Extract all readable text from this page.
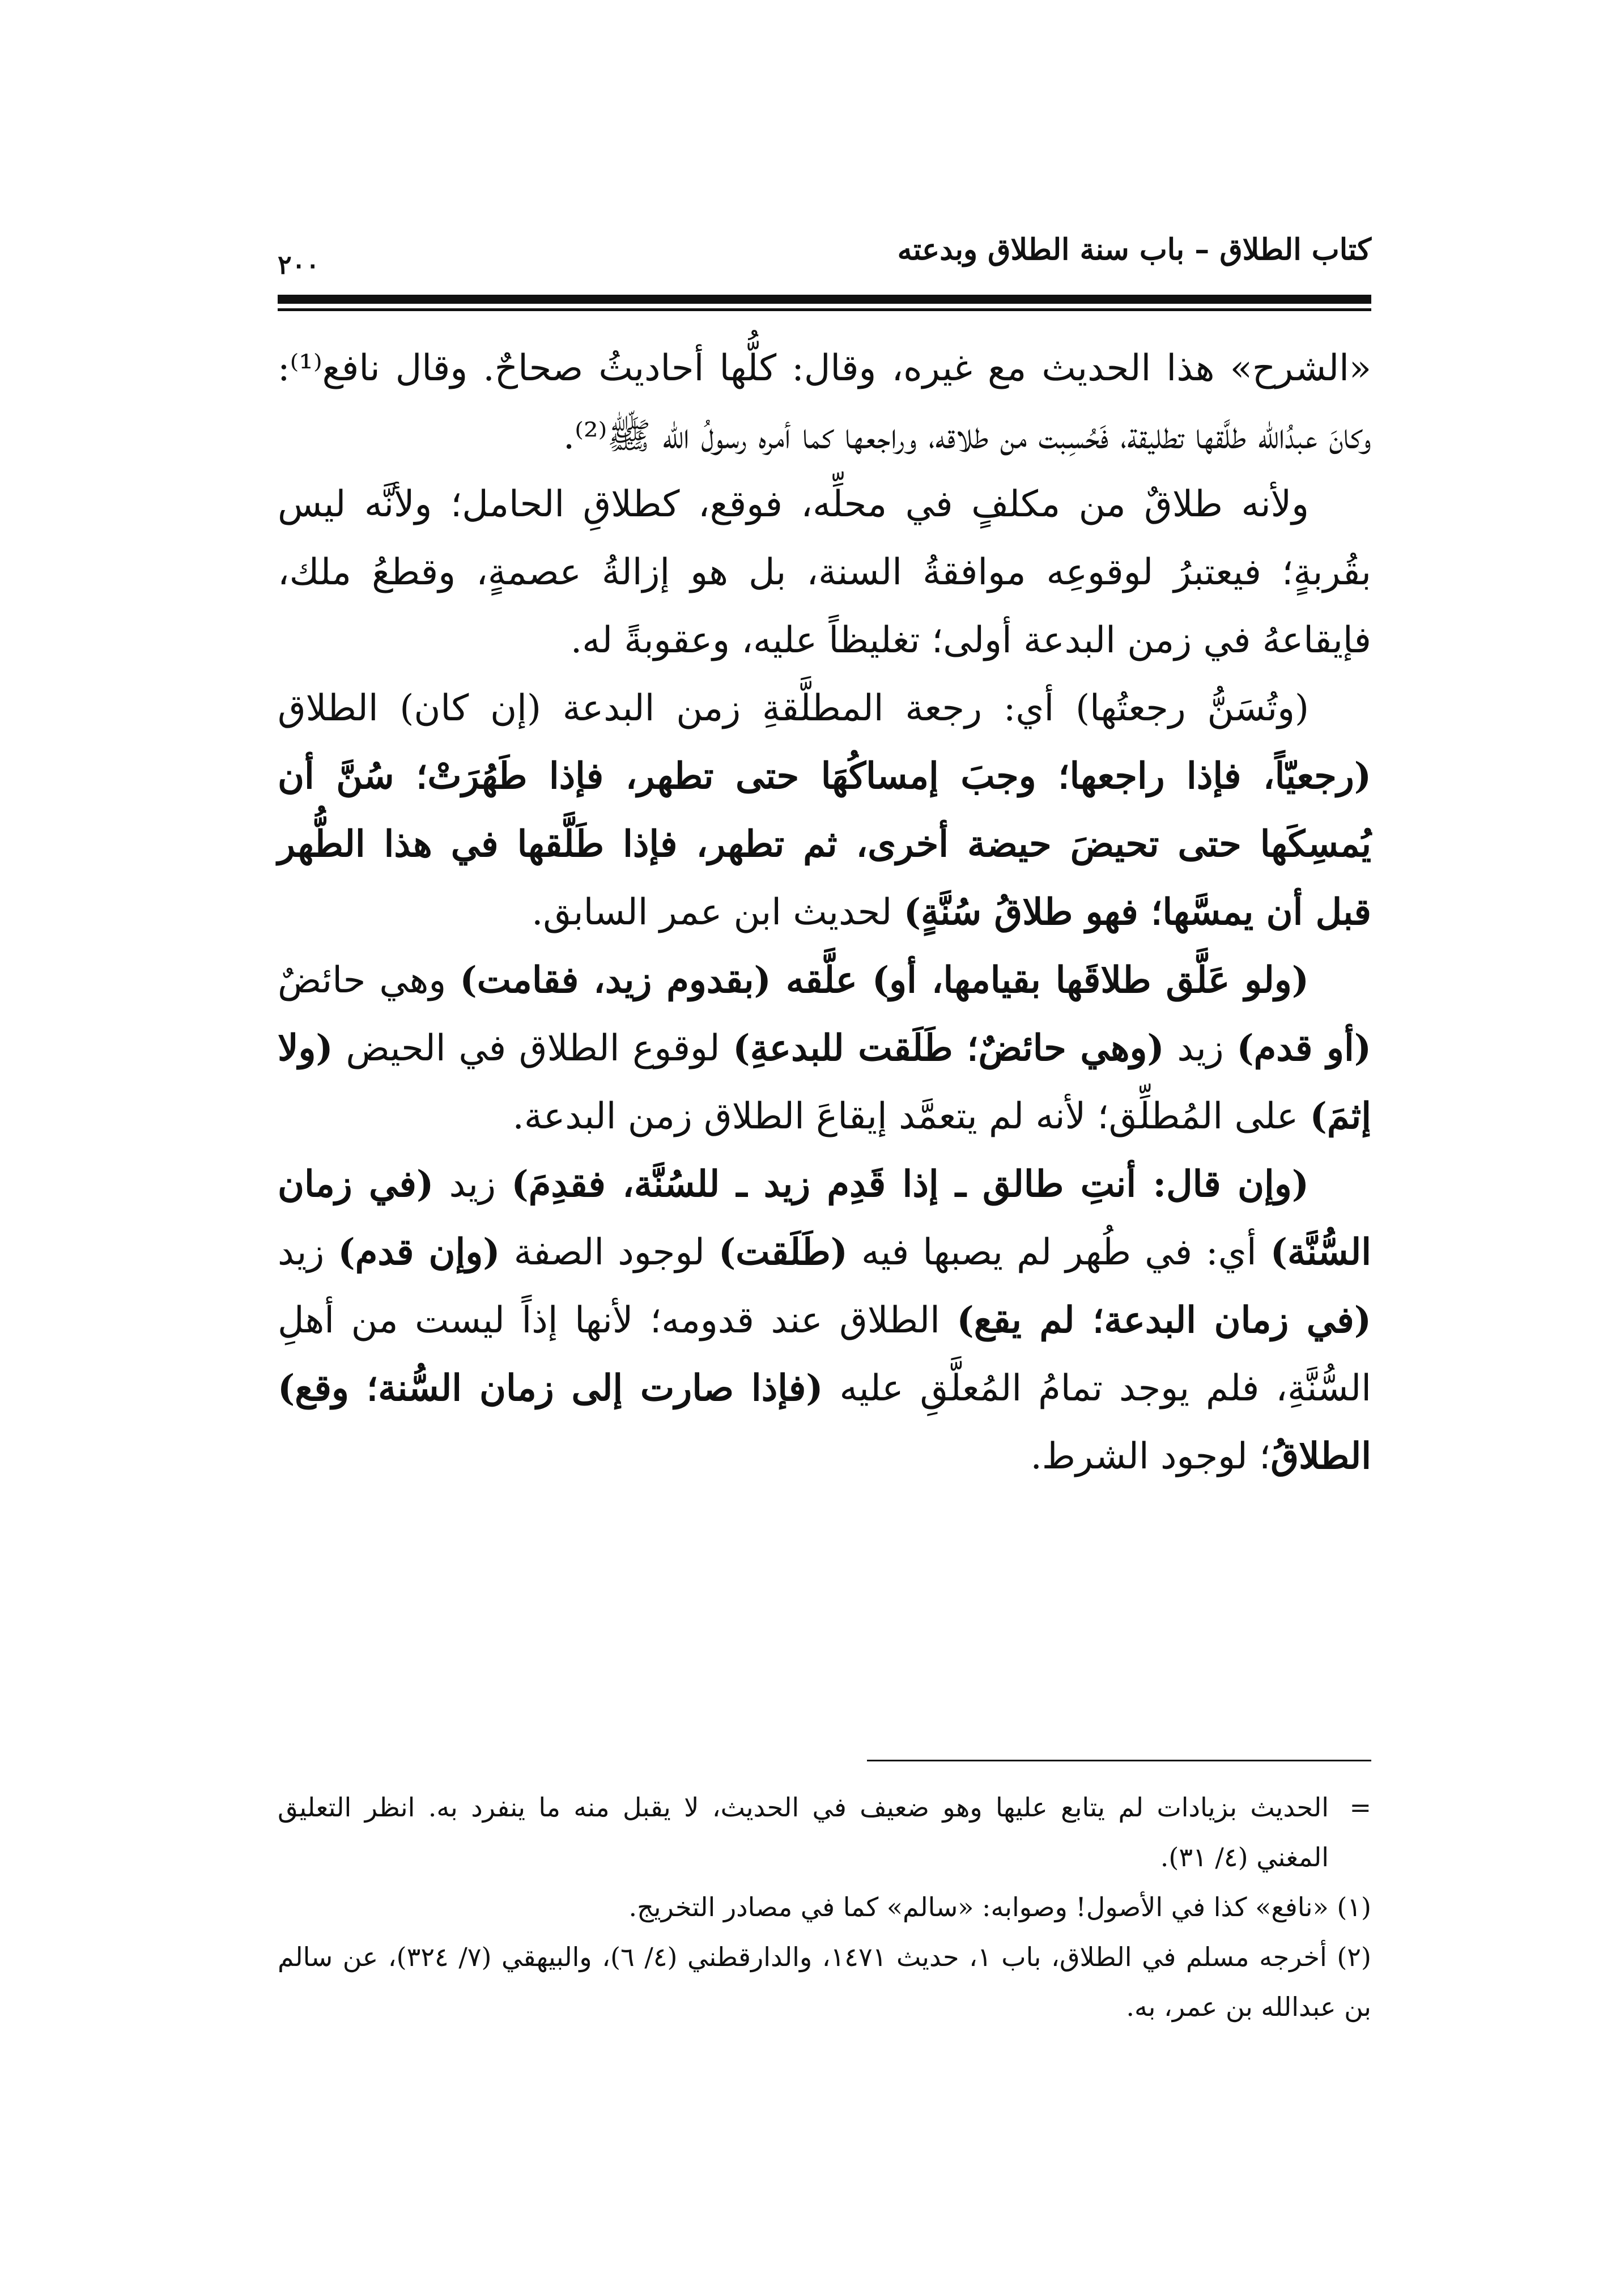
كتاب الطلاق – باب سنة الطلاق وبدعته
٢٠٠

«الشرح» هذا الحديث مع غيره، وقال: كلُّها أحاديثُ صحاحٌ. وقال نافع⁽¹⁾: وكانَ عبدُالله طلَّقها تطليقة، فَحُسِبت من طلاقه، وراجعها كما أمره رسولُ الله ﷺ⁽²⁾.

ولأنه طلاقٌ من مكلفٍ في محلِّه، فوقع، كطلاقِ الحامل؛ ولأنَّه ليس بقُربةٍ؛ فيعتبرُ لوقوعِه موافقةُ السنة، بل هو إزالةُ عصمةٍ، وقطعُ ملك، فإيقاعهُ في زمن البدعة أولى؛ تغليظاً عليه، وعقوبةً له.

(وتُسَنُّ رجعتُها) أي: رجعة المطلَّقةِ زمن البدعة (إن كان) الطلاق (رجعيّاً، فإذا راجعها؛ وجبَ إمساكُهَا حتى تطهر، فإذا طَهُرَتْ؛ سُنَّ أن يُمسِكَها حتى تحيضَ حيضة أخرى، ثم تطهر، فإذا طَلَّقها في هذا الطُّهر قبل أن يمسَّها؛ فهو طلاقُ سُنَّةٍ) لحديث ابن عمر السابق.

(ولو عَلَّق طلاقَها بقيامها، أو) علَّقه (بقدوم زيد، فقامت) وهي حائضٌ (أو قدم) زيد (وهي حائضٌ؛ طَلَقت للبدعةِ) لوقوع الطلاق في الحيض (ولا إثمَ) على المُطلِّق؛ لأنه لم يتعمَّد إيقاعَ الطلاق زمن البدعة.

(وإن قال: أنتِ طالق ـ إذا قَدِم زيد ـ للسُنَّة، فقدِمَ) زيد (في زمان السُّنَّة) أي: في طُهر لم يصبها فيه (طَلَقت) لوجود الصفة (وإن قدم) زيد (في زمان البدعة؛ لم يقع) الطلاق عند قدومه؛ لأنها إذاً ليست من أهلِ السُّنَّةِ، فلم يوجد تمامُ المُعلَّقِ عليه (فإذا صارت إلى زمان السُّنة؛ وقع) الطلاقُ؛ لوجود الشرط.

=
الحديث بزيادات لم يتابع عليها وهو ضعيف في الحديث، لا يقبل منه ما ينفرد به. انظر التعليق المغني (٤/ ٣١).

(١) «نافع» كذا في الأصول! وصوابه: «سالم» كما في مصادر التخريج.

(٢) أخرجه مسلم في الطلاق، باب ١، حديث ١٤٧١، والدارقطني (٤/ ٦)، والبيهقي (٧/ ٣٢٤)، عن سالم بن عبدالله بن عمر، به.
